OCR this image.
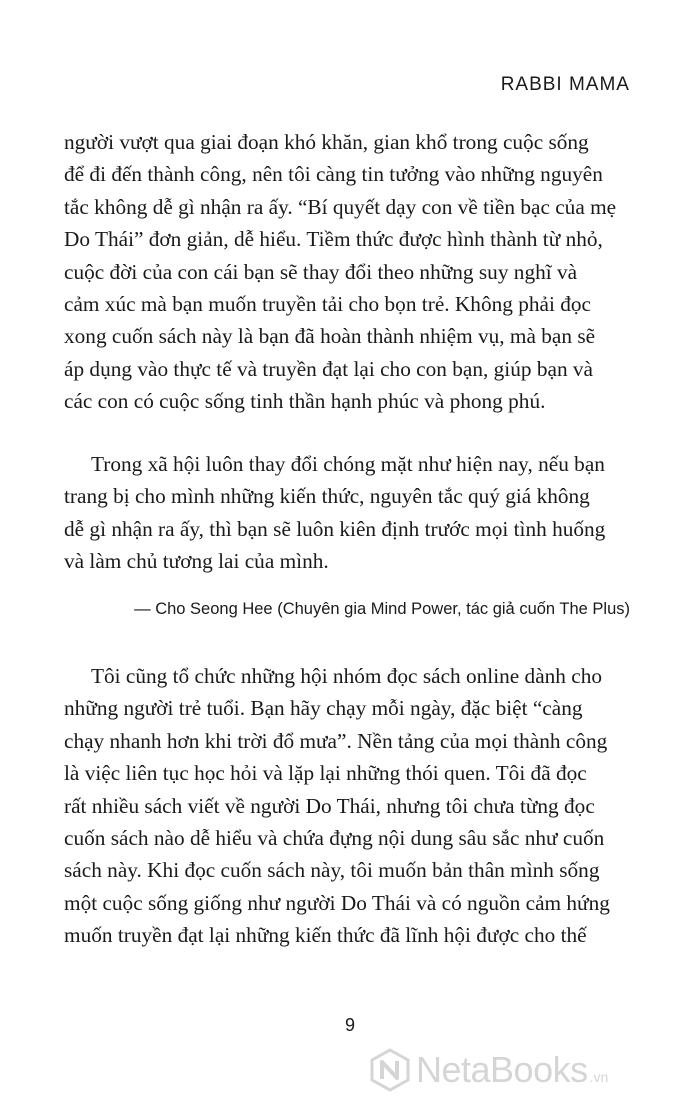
RABBI MAMA

người vượt qua giai đoạn khó khăn, gian khổ trong cuộc sống
để đi đến thành công, nên tôi càng tin tưởng vào những nguyên
tắc không dễ gì nhận ra ấy. “Bí quyết dạy con về tiền bạc của mẹ
Do Thái” đơn giản, dễ hiểu. Tiềm thức được hình thành từ nhỏ,
cuộc đời của con cái bạn sẽ thay đổi theo những suy nghĩ và
cảm xúc mà bạn muốn truyền tải cho bọn trẻ. Không phải đọc
xong cuốn sách này là bạn đã hoàn thành nhiệm vụ, mà bạn sẽ
áp dụng vào thực tế và truyền đạt lại cho con bạn, giúp bạn và
các con có cuộc sống tinh thần hạnh phúc và phong phú.

Trong xã hội luôn thay đổi chóng mặt như hiện nay, nếu bạn
trang bị cho mình những kiến thức, nguyên tắc quý giá không
dễ gì nhận ra ấy, thì bạn sẽ luôn kiên định trước mọi tình huống
và làm chủ tương lai của mình.

— Cho Seong Hee (Chuyên gia Mind Power, tác giả cuốn The Plus)

Tôi cũng tổ chức những hội nhóm đọc sách online dành cho
những người trẻ tuổi. Bạn hãy chạy mỗi ngày, đặc biệt “càng
chạy nhanh hơn khi trời đổ mưa”. Nền tảng của mọi thành công
là việc liên tục học hỏi và lặp lại những thói quen. Tôi đã đọc
rất nhiều sách viết về người Do Thái, nhưng tôi chưa từng đọc
cuốn sách nào dễ hiểu và chứa đựng nội dung sâu sắc như cuốn
sách này. Khi đọc cuốn sách này, tôi muốn bản thân mình sống
một cuộc sống giống như người Do Thái và có nguồn cảm hứng
muốn truyền đạt lại những kiến thức đã lĩnh hội được cho thế

9
NetaBooks .vn
